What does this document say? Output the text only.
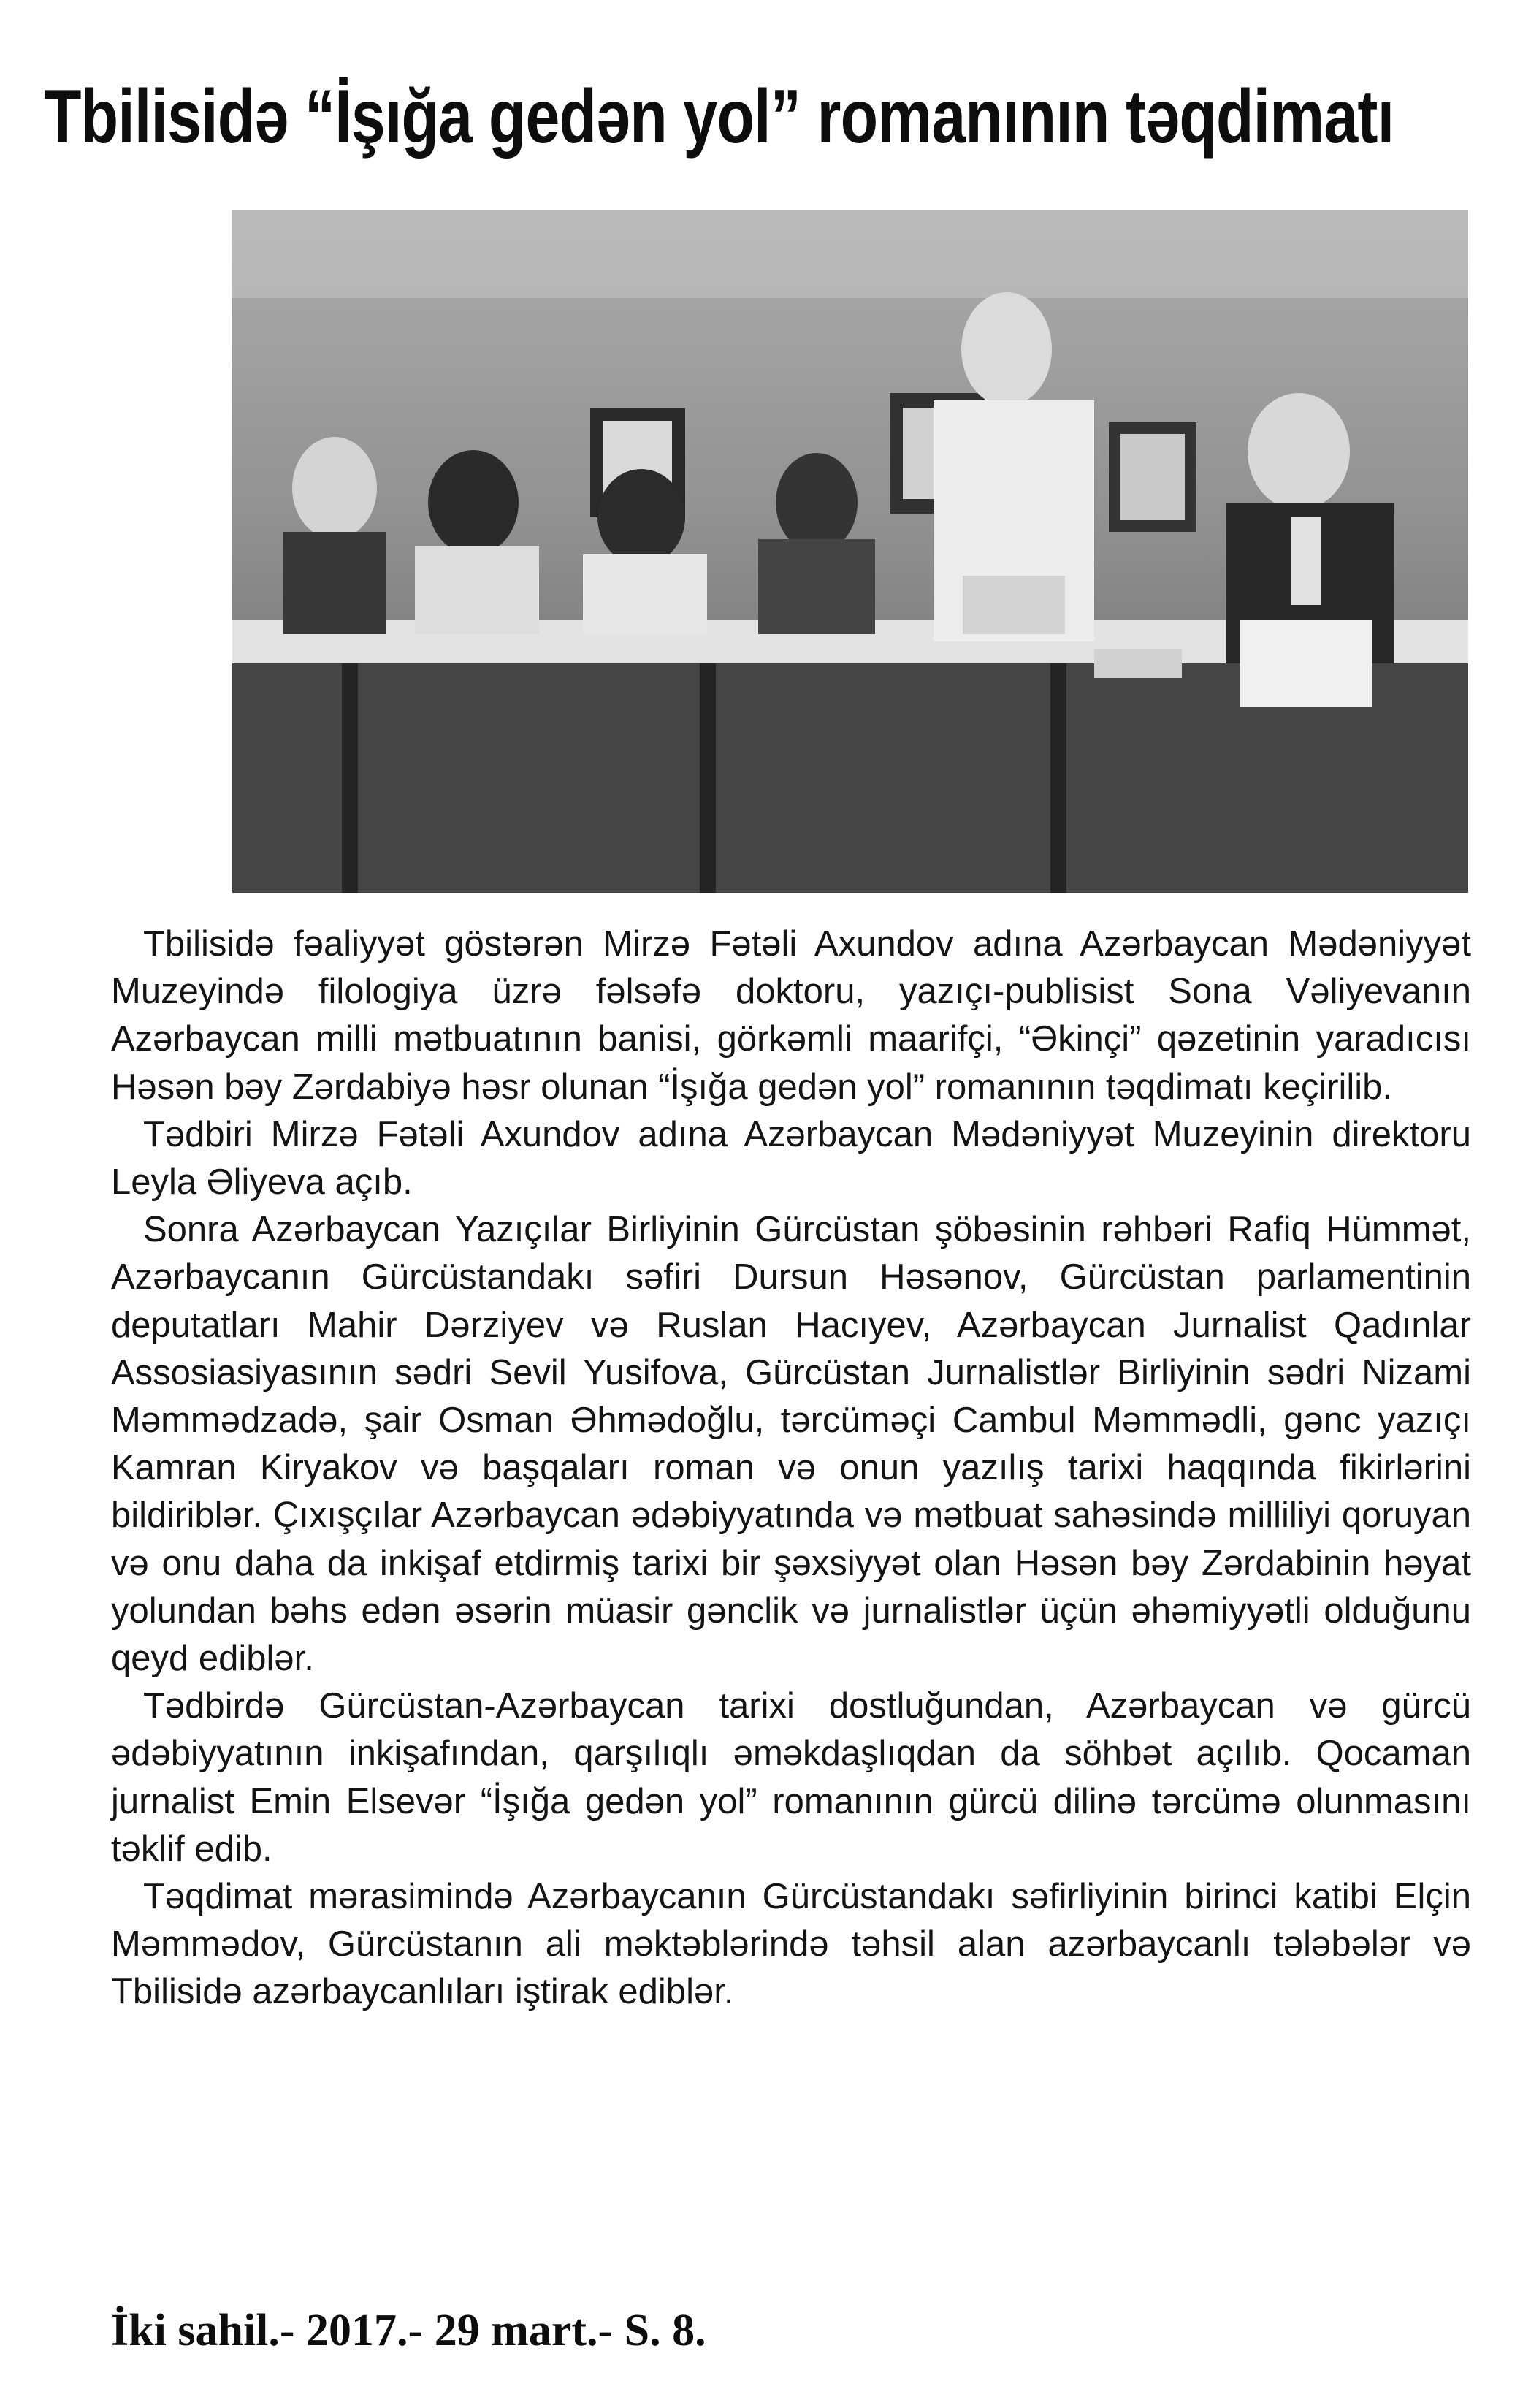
Tbilisidə “İşığa gedən yol” romanının təqdimatı

Tbilisidə fəaliyyət göstərən Mirzə Fətəli Axundov adına Azərbaycan Mədəniyyət Muzeyində filologiya üzrə fəlsəfə doktoru, yazıçı-publisist Sona Vəliyevanın Azərbaycan milli mətbuatının banisi, görkəmli maarifçi, “Əkinçi” qəzetinin yaradıcısı Həsən bəy Zərdabiyə həsr olunan “İşığa gedən yol” romanının təqdimatı keçirilib.

Tədbiri Mirzə Fətəli Axundov adına Azərbaycan Mədəniyyət Muzeyinin direktoru Leyla Əliyeva açıb.

Sonra Azərbaycan Yazıçılar Birliyinin Gürcüstan şöbəsinin rəhbəri Rafiq Hümmət, Azərbaycanın Gürcüstandakı səfiri Dursun Həsənov, Gürcüstan parlamentinin deputatları Mahir Dərziyev və Ruslan Hacıyev, Azərbaycan Jurnalist Qadınlar Assosiasiyasının sədri Sevil Yusifova, Gürcüstan Jurnalistlər Birliyinin sədri Nizami Məmmədzadə, şair Osman Əhmədoğlu, tərcüməçi Cambul Məmmədli, gənc yazıçı Kamran Kiryakov və başqaları roman və onun yazılış tarixi haqqında fikirlərini bildiriblər. Çıxışçılar Azərbaycan ədəbiyyatında və mətbuat sahəsində milliliyi qoruyan və onu daha da inkişaf etdirmiş tarixi bir şəxsiyyət olan Həsən bəy Zərdabinin həyat yolundan bəhs edən əsərin müasir gənclik və jurnalistlər üçün əhəmiyyətli olduğunu qeyd ediblər.

Tədbirdə Gürcüstan-Azərbaycan tarixi dostluğundan, Azərbaycan və gürcü ədəbiyyatının inkişafından, qarşılıqlı əməkdaşlıqdan da söhbət açılıb. Qocaman jurnalist Emin Elsevər “İşığa gedən yol” romanının gürcü dilinə tərcümə olunmasını təklif edib.

Təqdimat mərasimində Azərbaycanın Gürcüstandakı səfirliyinin birinci katibi Elçin Məmmədov, Gürcüstanın ali məktəblərində təhsil alan azərbaycanlı tələbələr və Tbilisidə azərbaycanlıları iştirak ediblər.

İki sahil.- 2017.- 29 mart.- S. 8.
